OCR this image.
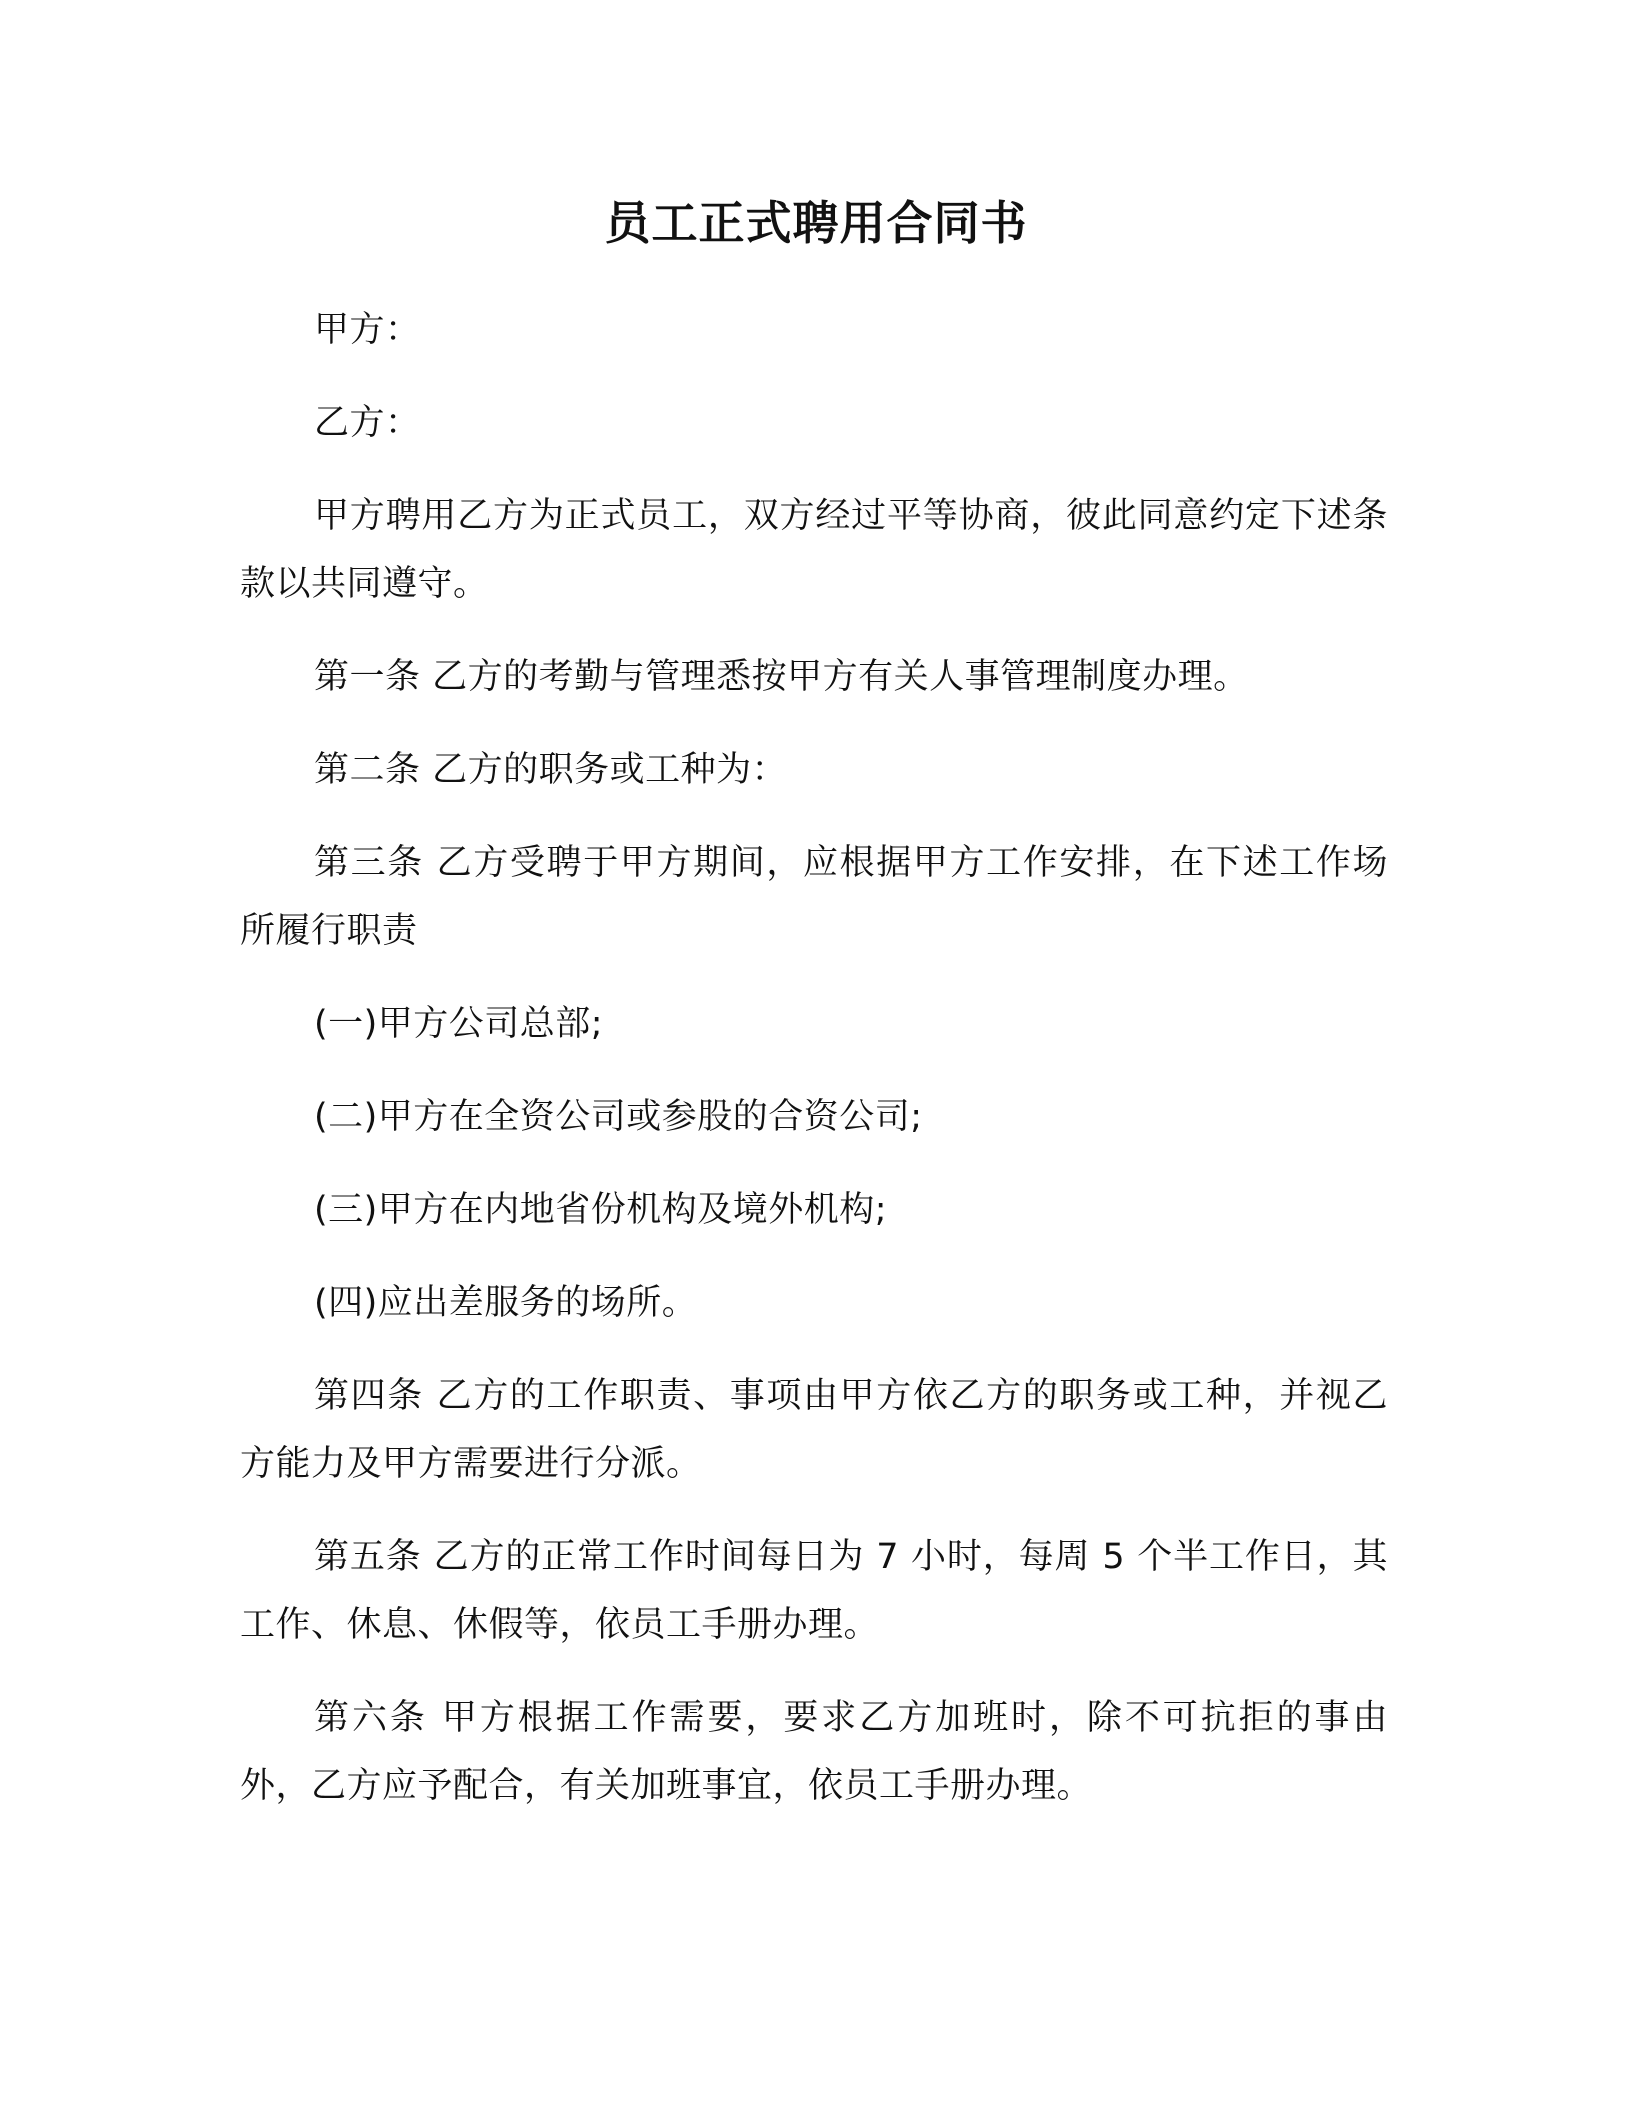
员工正式聘用合同书

甲方：

乙方：

甲方聘用乙方为正式员工，双方经过平等协商，彼此同意约定下述条款以共同遵守。

第一条 乙方的考勤与管理悉按甲方有关人事管理制度办理。

第二条 乙方的职务或工种为：

第三条 乙方受聘于甲方期间，应根据甲方工作安排，在下述工作场所履行职责

(一)甲方公司总部;

(二)甲方在全资公司或参股的合资公司;

(三)甲方在内地省份机构及境外机构;

(四)应出差服务的场所。

第四条 乙方的工作职责、事项由甲方依乙方的职务或工种，并视乙方能力及甲方需要进行分派。

第五条 乙方的正常工作时间每日为 7 小时，每周 5 个半工作日，其工作、休息、休假等，依员工手册办理。

第六条 甲方根据工作需要，要求乙方加班时，除不可抗拒的事由外，乙方应予配合，有关加班事宜，依员工手册办理。
